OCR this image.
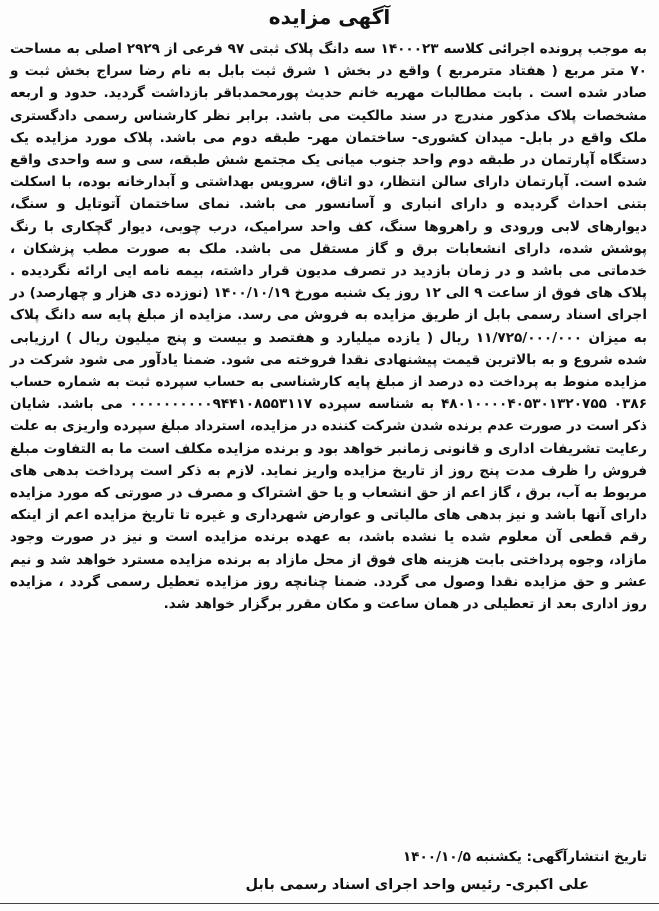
آگهی مزایده

به موجب پرونده اجرائی کلاسه ۱۴۰۰۰۲۳ سه دانگ پلاک ثبتی ۹۷ فرعی از ۲۹۲۹ اصلی به مساحت ۷۰ متر مربع ( هفتاد مترمربع ) واقع در بخش ۱ شرق ثبت بابل به نام رضا سراج بخش ثبت و صادر شده است . بابت مطالبات مهریه خانم حدیث پورمحمدباقر بازداشت گردید. حدود و اربعه مشخصات پلاک مذکور مندرج در سند مالکیت می باشد. برابر نظر کارشناس رسمی دادگستری ملک واقع در بابل- میدان کشوری- ساختمان مهر- طبقه دوم می باشد. پلاک مورد مزایده یک دستگاه آپارتمان در طبقه دوم واحد جنوب میانی یک مجتمع شش طبقه، سی و سه واحدی واقع شده است. آپارتمان دارای سالن انتظار، دو اتاق، سرویس بهداشتی و آبدارخانه بوده، با اسکلت بتنی احداث گردیده و دارای انباری و آسانسور می باشد. نمای ساختمان آتوتایل و سنگ، دیوارهای لابی ورودی و راهروها سنگ، کف واحد سرامیک، درب چوبی، دیوار گچکاری با رنگ پوشش شده، دارای انشعابات برق و گاز مستقل می باشد. ملک به صورت مطب پزشکان ، خدماتی می باشد و در زمان بازدید در تصرف مدیون قرار داشته، بیمه نامه ایی ارائه نگردیده . پلاک های فوق از ساعت ۹ الی ۱۲ روز یک شنبه مورخ ۱۴۰۰/۱۰/۱۹ (نوزده دی هزار و چهارصد) در اجرای اسناد رسمی بابل از طریق مزایده به فروش می رسد. مزایده از مبلغ پایه سه دانگ پلاک به میزان ۱۱/۷۲۵/۰۰۰/۰۰۰ ریال ( یازده میلیارد و هفتصد و بیست و پنج میلیون ریال ) ارزیابی شده شروع و به بالاترین قیمت پیشنهادی نقدا فروخته می شود. ضمنا یادآور می شود شرکت در مزایده منوط به پرداخت ده درصد از مبلغ پایه کارشناسی به حساب سپرده ثبت به شماره حساب ۰۳۸۶ ۴۸۰۱۰۰۰۰۴۰۵۳۰۱۳۲۰۷۵۵ به شناسه سپرده ۰۰۰۰۰۰۰۰۰۰۹۴۴۱۰۸۵۵۳۱۱۷ می باشد. شایان ذکر است در صورت عدم برنده شدن شرکت کننده در مزایده، استرداد مبلغ سپرده واریزی به علت رعایت تشریفات اداری و قانونی زمانبر خواهد بود و برنده مزایده مکلف است ما به التفاوت مبلغ فروش را ظرف مدت پنج روز از تاریخ مزایده واریز نماید. لازم به ذکر است پرداخت بدهی های مربوط به آب، برق ، گاز اعم از حق انشعاب و یا حق اشتراک و مصرف در صورتی که مورد مزایده دارای آنها باشد و نیز بدهی های مالیاتی و عوارض شهرداری و غیره تا تاریخ مزایده اعم از اینکه رقم قطعی آن معلوم شده یا نشده باشد، به عهده برنده مزایده است و نیز در صورت وجود مازاد، وجوه پرداختی بابت هزینه های فوق از محل مازاد به برنده مزایده مسترد خواهد شد و نیم عشر و حق مزایده نقدا وصول می گردد. ضمنا چنانچه روز مزایده تعطیل رسمی گردد ، مزایده روز اداری بعد از تعطیلی در همان ساعت و مکان مقرر برگزار خواهد شد.

تاریخ انتشارآگهی: یکشنبه ۱۴۰۰/۱۰/۵
علی اکبری- رئیس واحد اجرای اسناد رسمی بابل
